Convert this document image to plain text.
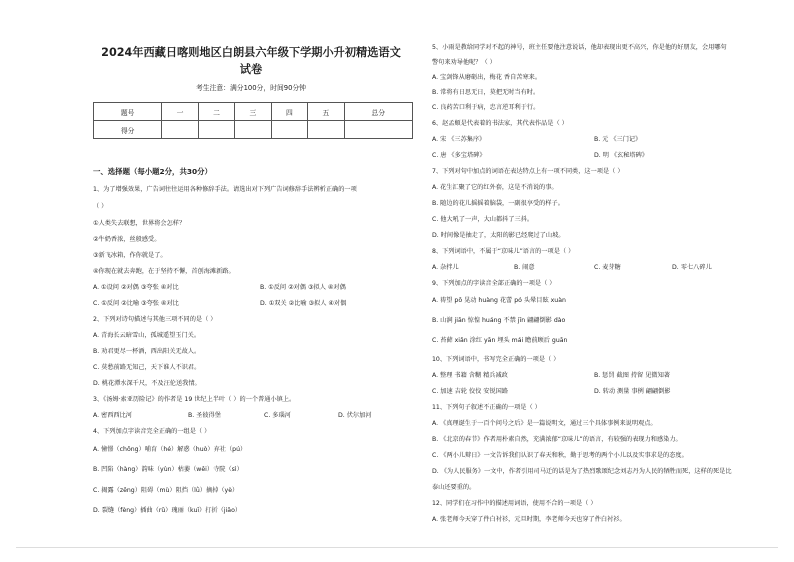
2024年西藏日喀则地区白朗县六年级下学期小升初精选语文
试卷
考生注意：满分100分，时间90分钟
题号	一	二	三	四	五	总分
得分						
一、选择题（每小题2分，共30分）
1、为了增强效果，广告词往往运用各种修辞手法。请选出对下列广告词修辞手法辨析正确的一项
（ ）
①人类失去联想，世界将会怎样？
②牛奶香浓，丝般感受。
③新飞冰箱，作你就是了。
④你现在就去奔跑，在于坚持不懈，首创海滩新路。
A. ①设问 ②对偶 ③夸张 ④对比	B. ①反问 ②对偶 ③拟人 ④对偶
C. ①反问 ②比喻 ③夸张 ④对比	D. ①双关 ②比喻 ③拟人 ④对偶
2、下列对诗句描述与其他三项不同的是（ ）
A. 青海长云暗雪山，孤城遥望玉门关。
B. 劝君更尽一杯酒，西出阳关无故人。
C. 莫愁前路无知己，天下谁人不识君。
D. 桃花潭水深千尺，不及汪伦送我情。
3、《汤姆·索亚历险记》的作者是 19 世纪上半叶（ ）的一个普通小镇上。
A. 密西西比河	B. 圣彼得堡	C. 多瑙河	D. 伏尔加河
4、下列加点字读音完全正确的一组是（ ）
A. 憧憬（chōng）哺育（hé）解惑（huò）弃社（pú）
B. 凹陷（hàng）韵味（yùn）枯萎（wěi）寺院（sì）
C. 揭露（zēng）阻碍（mù）阻挡（lǜ）摘掉（yè）
D. 裂缝（fèng）插曲（rǔ）瑰丽（kuī）打折（jiāo）
5、小雨是教给同学对不起的神号，班主任要他注意说话，他却表现出更不高兴，你是他的好朋友，会用哪句
警句来劝导他呢？（ ）
A. 宝剑锋从磨砺出，梅花 香自苦寒来。
B. 常将有日思无日，莫把无时当有时。
C. 良药苦口利于病，忠言逆耳利于行。
6、赵孟頫是代表着的书法家，其代表作品是（ ）
A. 宋 《三苏集序》	B. 元 《三门记》
C. 唐 《多宝塔碑》	D. 明 《玄秘塔碑》
7、下列对句中加点的词语在表达特点上有一项不同类，这一项是（ ）
A. 花生汇聚了它的红外套，这是不消说的事。
B. 随边的花儿摇摇着脑袋，一副很享受的样子。
C. 他大吼了一声，大山都抖了三抖。
D. 时间像是抽走了，太阳的影已经爬过了山坡。
8、下列词语中，不属于“京味儿”语言的一项是（ ）
A. 杂拌儿	B. 闹意	C. 麦芽糖	D. 零七八碎儿
9、下列加点的字读音全部正确的一项是（ ）
A. 祷望 pō 晃动 huàng 花蕾 pó 头晕目眩 xuàn
B. 山涧 jiān 惊惶 huáng 不禁 jīn 翩翩倒影 dào
C. 苔藓 xiǎn 涂红 yān 埋头 mái 瞻前顾后 guān
10、下列词语中，书写完全正确的一项是（ ）
A. 整理 书籍 含糊 精兵减政	B. 惩罚 截图 持留 见微知著
C. 加速 吉轮 佼佼 安锐国路	D. 转动 测量 事例 翩翩倒影
11、下列句子叙述不正确的一项是（ ）
A. 《真理诞生于一百个问号之后》是一篇说明文，通过三个具体事例来说明观点。
B. 《北京的春节》作者用朴素自然，充满浓郁“京味儿”的语言，有较强的表现力和感染力。
C. 《两小儿辩日》一文告诉我们认识了春天和秋，勤于思考的两个小儿以及实事求是的态度。
D. 《为人民服务》一文中，作者引用司马迁的话是为了热烈歌颂纪念刘志丹为人民的牺牲而死，这样的死是比
泰山还要重的。
12、同学们在习作中的描述用词语，使用不合的一项是（ ）
A. 张老师今天穿了件白衬衫，元旦时期，李老师今天也穿了件白衬衫。
